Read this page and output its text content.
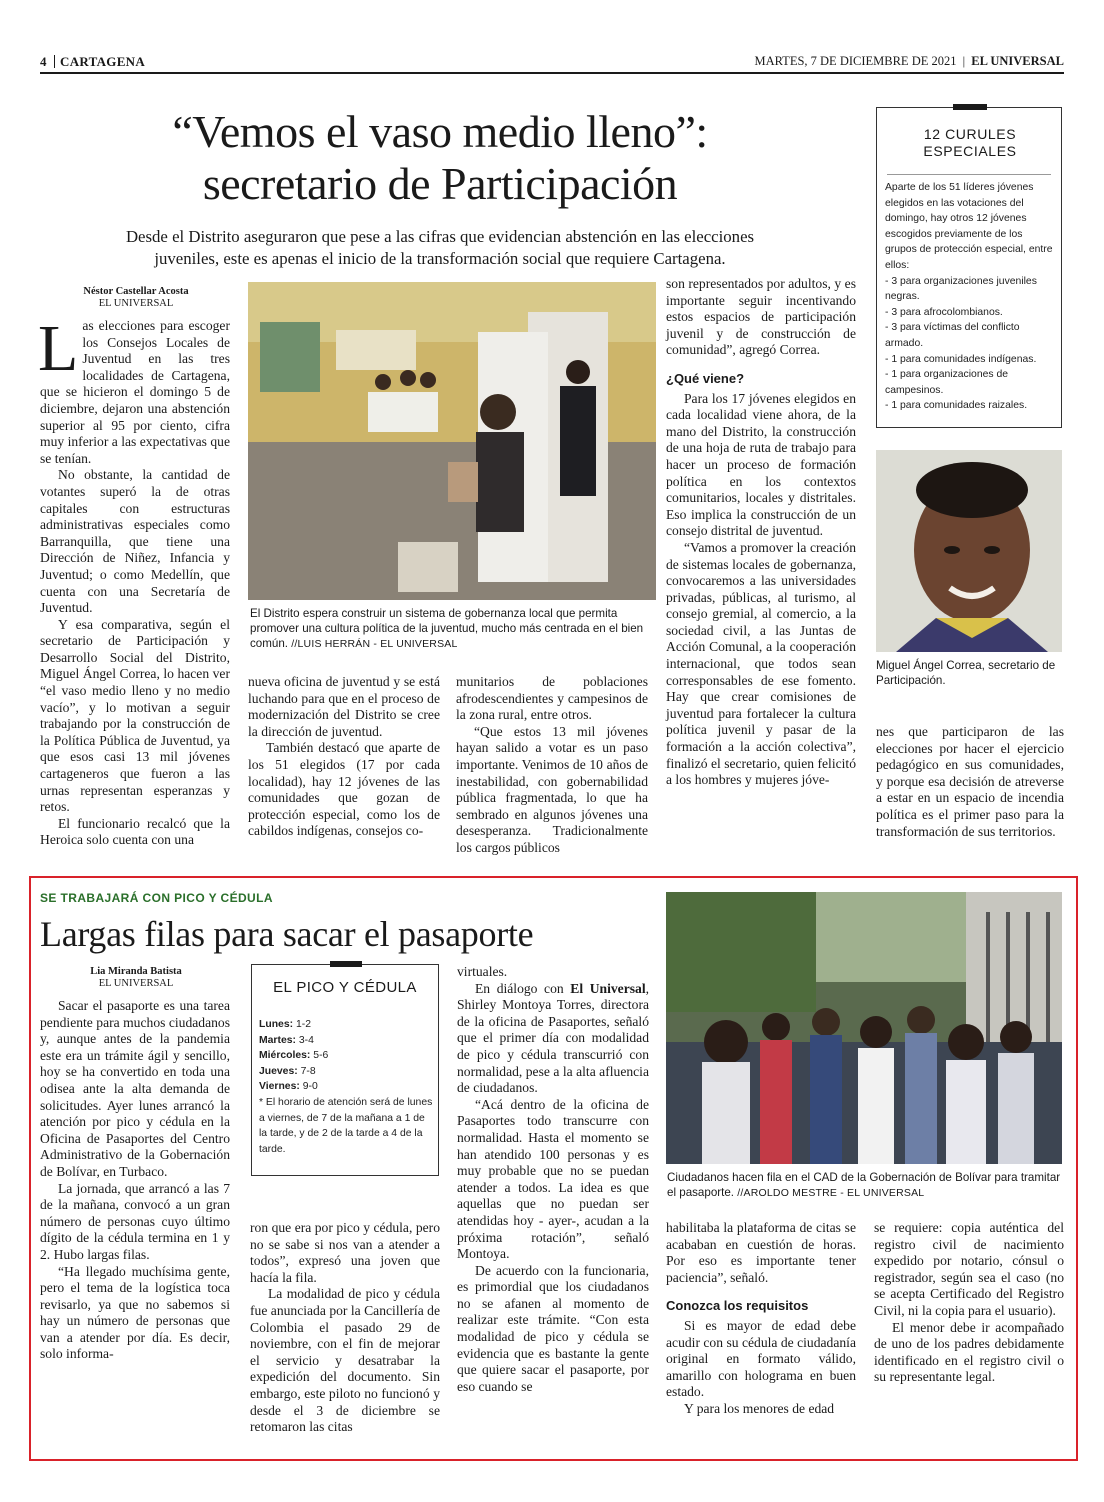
4 CARTAGENA	MARTES, 7 DE DICIEMBRE DE 2021 | EL UNIVERSAL
“Vemos el vaso medio lleno”:
secretario de Participación
Desde el Distrito aseguraron que pese a las cifras que evidencian abstención en las elecciones
juveniles, este es apenas el inicio de la transformación social que requiere Cartagena.
Néstor Castellar Acosta
EL UNIVERSAL

Las elecciones para escoger los Consejos Locales de Juventud en las tres localidades de Cartagena, que se hicieron el domingo 5 de diciembre, dejaron una abstención superior al 95 por ciento, cifra muy inferior a las expectativas que se tenían.

No obstante, la cantidad de votantes superó la de otras capitales con estructuras administrativas especiales como Barranquilla, que tiene una Dirección de Niñez, Infancia y Juventud; o como Medellín, que cuenta con una Secretaría de Juventud.

Y esa comparativa, según el secretario de Participación y Desarrollo Social del Distrito, Miguel Ángel Correa, lo hacen ver “el vaso medio lleno y no medio vacío”, y lo motivan a seguir trabajando por la construcción de la Política Pública de Juventud, ya que esos casi 13 mil jóvenes cartageneros que fueron a las urnas representan esperanzas y retos.

El funcionario recalcó que la Heroica solo cuenta con una

El Distrito espera construir un sistema de gobernanza local que permita promover una cultura política de la juventud, mucho más centrada en el bien común. //LUIS HERRÁN - EL UNIVERSAL

nueva oficina de juventud y se está luchando para que en el proceso de modernización del Distrito se cree la dirección de juventud.

También destacó que aparte de los 51 elegidos (17 por cada localidad), hay 12 jóvenes de las comunidades que gozan de protección especial, como los de cabildos indígenas, consejos co-

munitarios de poblaciones afrodescendientes y campesinos de la zona rural, entre otros.

“Que estos 13 mil jóvenes hayan salido a votar es un paso importante. Venimos de 10 años de inestabilidad, con gobernabilidad pública fragmentada, lo que ha sembrado en algunos jóvenes una desesperanza. Tradicionalmente los cargos públicos

son representados por adultos, y es importante seguir incentivando estos espacios de participación juvenil y de construcción de comunidad”, agregó Correa.

¿Qué viene?

Para los 17 jóvenes elegidos en cada localidad viene ahora, de la mano del Distrito, la construcción de una hoja de ruta de trabajo para hacer un proceso de formación política en los contextos comunitarios, locales y distritales. Eso implica la construcción de un consejo distrital de juventud.

“Vamos a promover la creación de sistemas locales de gobernanza, convocaremos a las universidades privadas, públicas, al turismo, al consejo gremial, al comercio, a la sociedad civil, a las Juntas de Acción Comunal, a la cooperación internacional, que todos sean corresponsables de ese fomento. Hay que crear comisiones de juventud para fortalecer la cultura política juvenil y pasar de la formación a la acción colectiva”, finalizó el secretario, quien felicitó a los hombres y mujeres jóve-

12 CURULES
ESPECIALES
Aparte de los 51 líderes jóvenes elegidos en las votaciones del domingo, hay otros 12 jóvenes escogidos previamente de los grupos de protección especial, entre ellos:
- 3 para organizaciones juveniles negras.
- 3 para afrocolombianos.
- 3 para víctimas del conflicto armado.
- 1 para comunidades indígenas.
- 1 para organizaciones de campesinos.
- 1 para comunidades raizales.
Miguel Ángel Correa, secretario de Participación.

nes que participaron de las elecciones por hacer el ejercicio pedagógico en sus comunidades, y porque esa decisión de atreverse a estar en un espacio de incendia política es el primer paso para la transformación de sus territorios.

SE TRABAJARÁ CON PICO Y CÉDULA
Largas filas para sacar el pasaporte
Lia Miranda Batista
EL UNIVERSAL

Sacar el pasaporte es una tarea pendiente para muchos ciudadanos y, aunque antes de la pandemia este era un trámite ágil y sencillo, hoy se ha convertido en toda una odisea ante la alta demanda de solicitudes. Ayer lunes arrancó la atención por pico y cédula en la Oficina de Pasaportes del Centro Administrativo de la Gobernación de Bolívar, en Turbaco.

La jornada, que arrancó a las 7 de la mañana, convocó a un gran número de personas cuyo último dígito de la cédula termina en 1 y 2. Hubo largas filas.

“Ha llegado muchísima gente, pero el tema de la logística toca revisarlo, ya que no sabemos si hay un número de personas que van a atender por día. Es decir, solo informa-

EL PICO Y CÉDULA
Lunes: 1-2
Martes: 3-4
Miércoles: 5-6
Jueves: 7-8
Viernes: 9-0
* El horario de atención será de lunes a viernes, de 7 de la mañana a 1 de la tarde, y de 2 de la tarde a 4 de la tarde.

ron que era por pico y cédula, pero no se sabe si nos van a atender a todos”, expresó una joven que hacía la fila.

La modalidad de pico y cédula fue anunciada por la Cancillería de Colombia el pasado 29 de noviembre, con el fin de mejorar el servicio y desatrabar la expedición del documento. Sin embargo, este piloto no funcionó y desde el 3 de diciembre se retomaron las citas

virtuales.

En diálogo con El Universal, Shirley Montoya Torres, directora de la oficina de Pasaportes, señaló que el primer día con modalidad de pico y cédula transcurrió con normalidad, pese a la alta afluencia de ciudadanos.

“Acá dentro de la oficina de Pasaportes todo transcurre con normalidad. Hasta el momento se han atendido 100 personas y es muy probable que no se puedan atender a todos. La idea es que aquellas que no puedan ser atendidas hoy - ayer-, acudan a la próxima rotación”, señaló Montoya.

De acuerdo con la funcionaria, es primordial que los ciudadanos no se afanen al momento de realizar este trámite. “Con esta modalidad de pico y cédula se evidencia que es bastante la gente que quiere sacar el pasaporte, por eso cuando se

Ciudadanos hacen fila en el CAD de la Gobernación de Bolívar para tramitar el pasaporte. //AROLDO MESTRE - EL UNIVERSAL

habilitaba la plataforma de citas se acababan en cuestión de horas. Por eso es importante tener paciencia”, señaló.

Conozca los requisitos

Si es mayor de edad debe acudir con su cédula de ciudadanía original en formato válido, amarillo con holograma en buen estado.

Y para los menores de edad

se requiere: copia auténtica del registro civil de nacimiento expedido por notario, cónsul o registrador, según sea el caso (no se acepta Certificado del Registro Civil, ni la copia para el usuario).

El menor debe ir acompañado de uno de los padres debidamente identificado en el registro civil o su representante legal.
